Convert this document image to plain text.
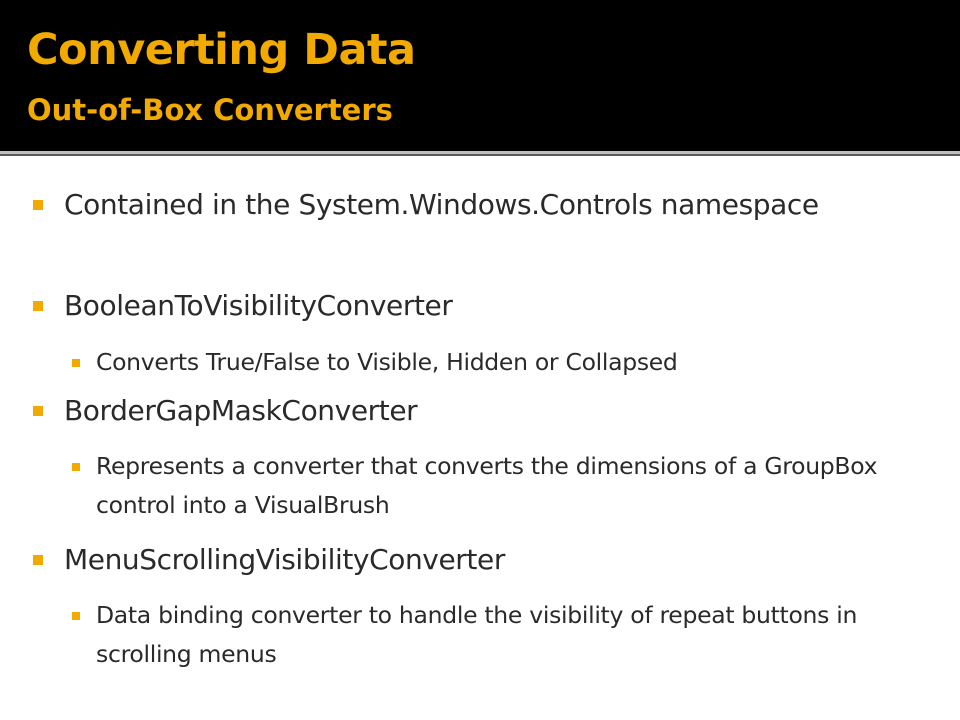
Converting Data
Out-of-Box Converters
Contained in the System.Windows.Controls namespace
BooleanToVisibilityConverter
Converts True/False to Visible, Hidden or Collapsed
BorderGapMaskConverter
Represents a converter that converts the dimensions of a GroupBox control into a VisualBrush
MenuScrollingVisibilityConverter
Data binding converter to handle the visibility of repeat buttons in scrolling menus
